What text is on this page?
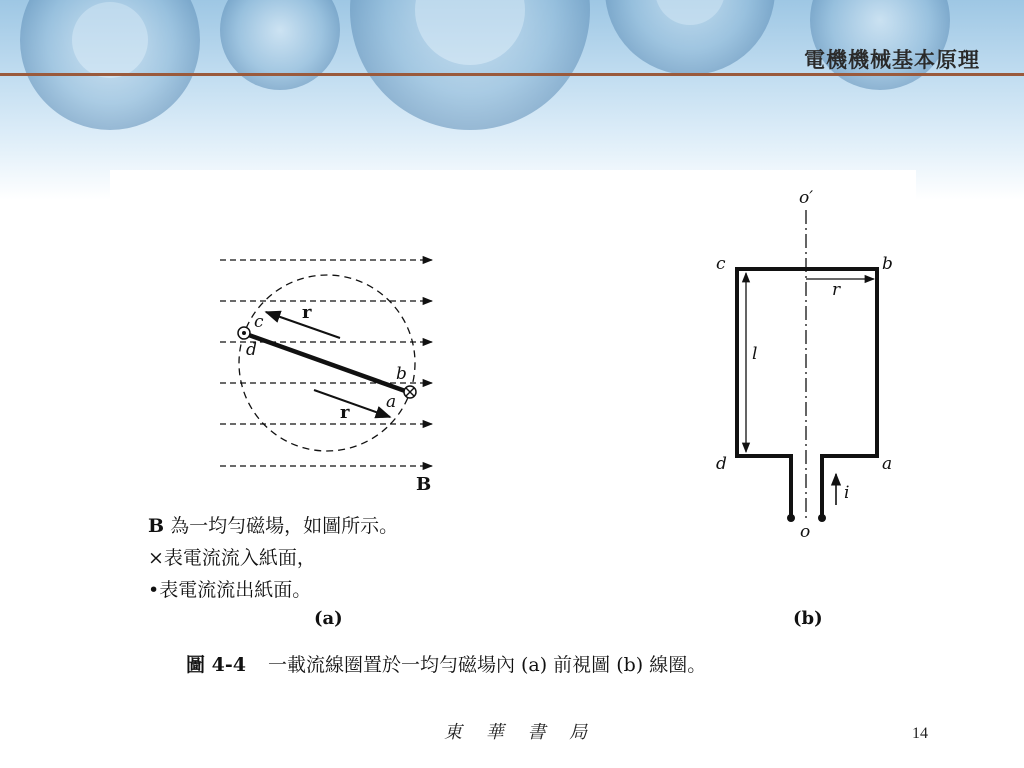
電機機械基本原理
c
d
b
a
r
r
B
B 為一均勻磁場，如圖所示。
×表電流流入紙面，
•表電流流出紙面。
(a)
o′
c	b
r
l
d	a
i
o
(b)
圖 4-4 一載流線圈置於一均勻磁場內 (a) 前視圖 (b) 線圈。
東 華 書 局	14
